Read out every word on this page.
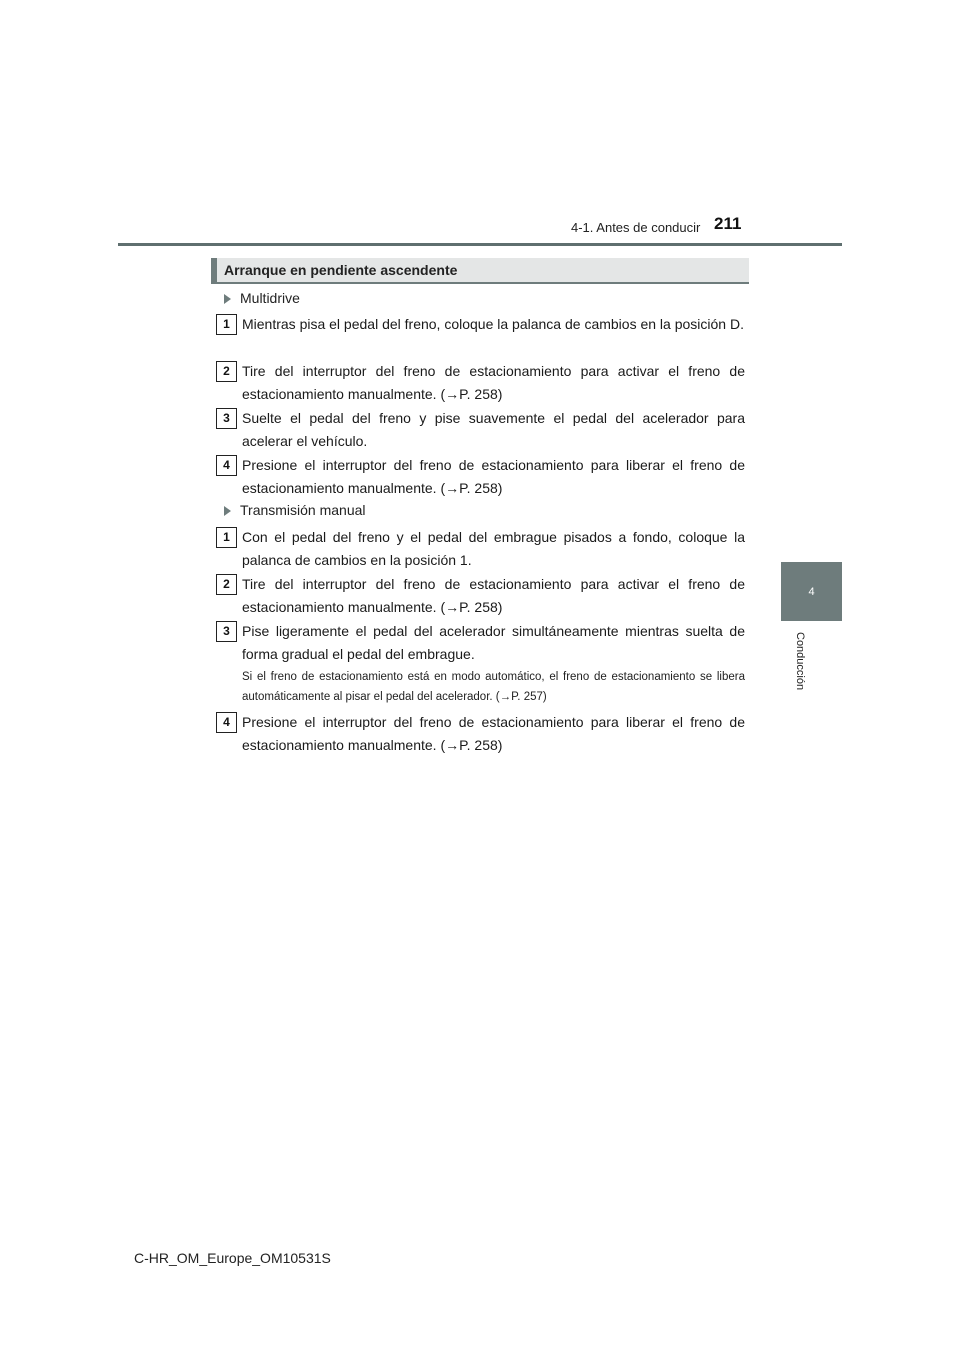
4-1. Antes de conducir 211
4
Conducción
Arranque en pendiente ascendente
Multidrive
1 Mientras pisa el pedal del freno, coloque la palanca de cambios en la posición D.
2 Tire del interruptor del freno de estacionamiento para activar el freno de estacionamiento manualmente. (→P. 258)
3 Suelte el pedal del freno y pise suavemente el pedal del acelerador para acelerar el vehículo.
4 Presione el interruptor del freno de estacionamiento para liberar el freno de estacionamiento manualmente. (→P. 258)
Transmisión manual
1 Con el pedal del freno y el pedal del embrague pisados a fondo, coloque la palanca de cambios en la posición 1.
2 Tire del interruptor del freno de estacionamiento para activar el freno de estacionamiento manualmente. (→P. 258)
3 Pise ligeramente el pedal del acelerador simultáneamente mientras suelta de forma gradual el pedal del embrague.
Si el freno de estacionamiento está en modo automático, el freno de estacionamiento se libera automáticamente al pisar el pedal del acelerador. (→P. 257)
4 Presione el interruptor del freno de estacionamiento para liberar el freno de estacionamiento manualmente. (→P. 258)
C-HR_OM_Europe_OM10531S
